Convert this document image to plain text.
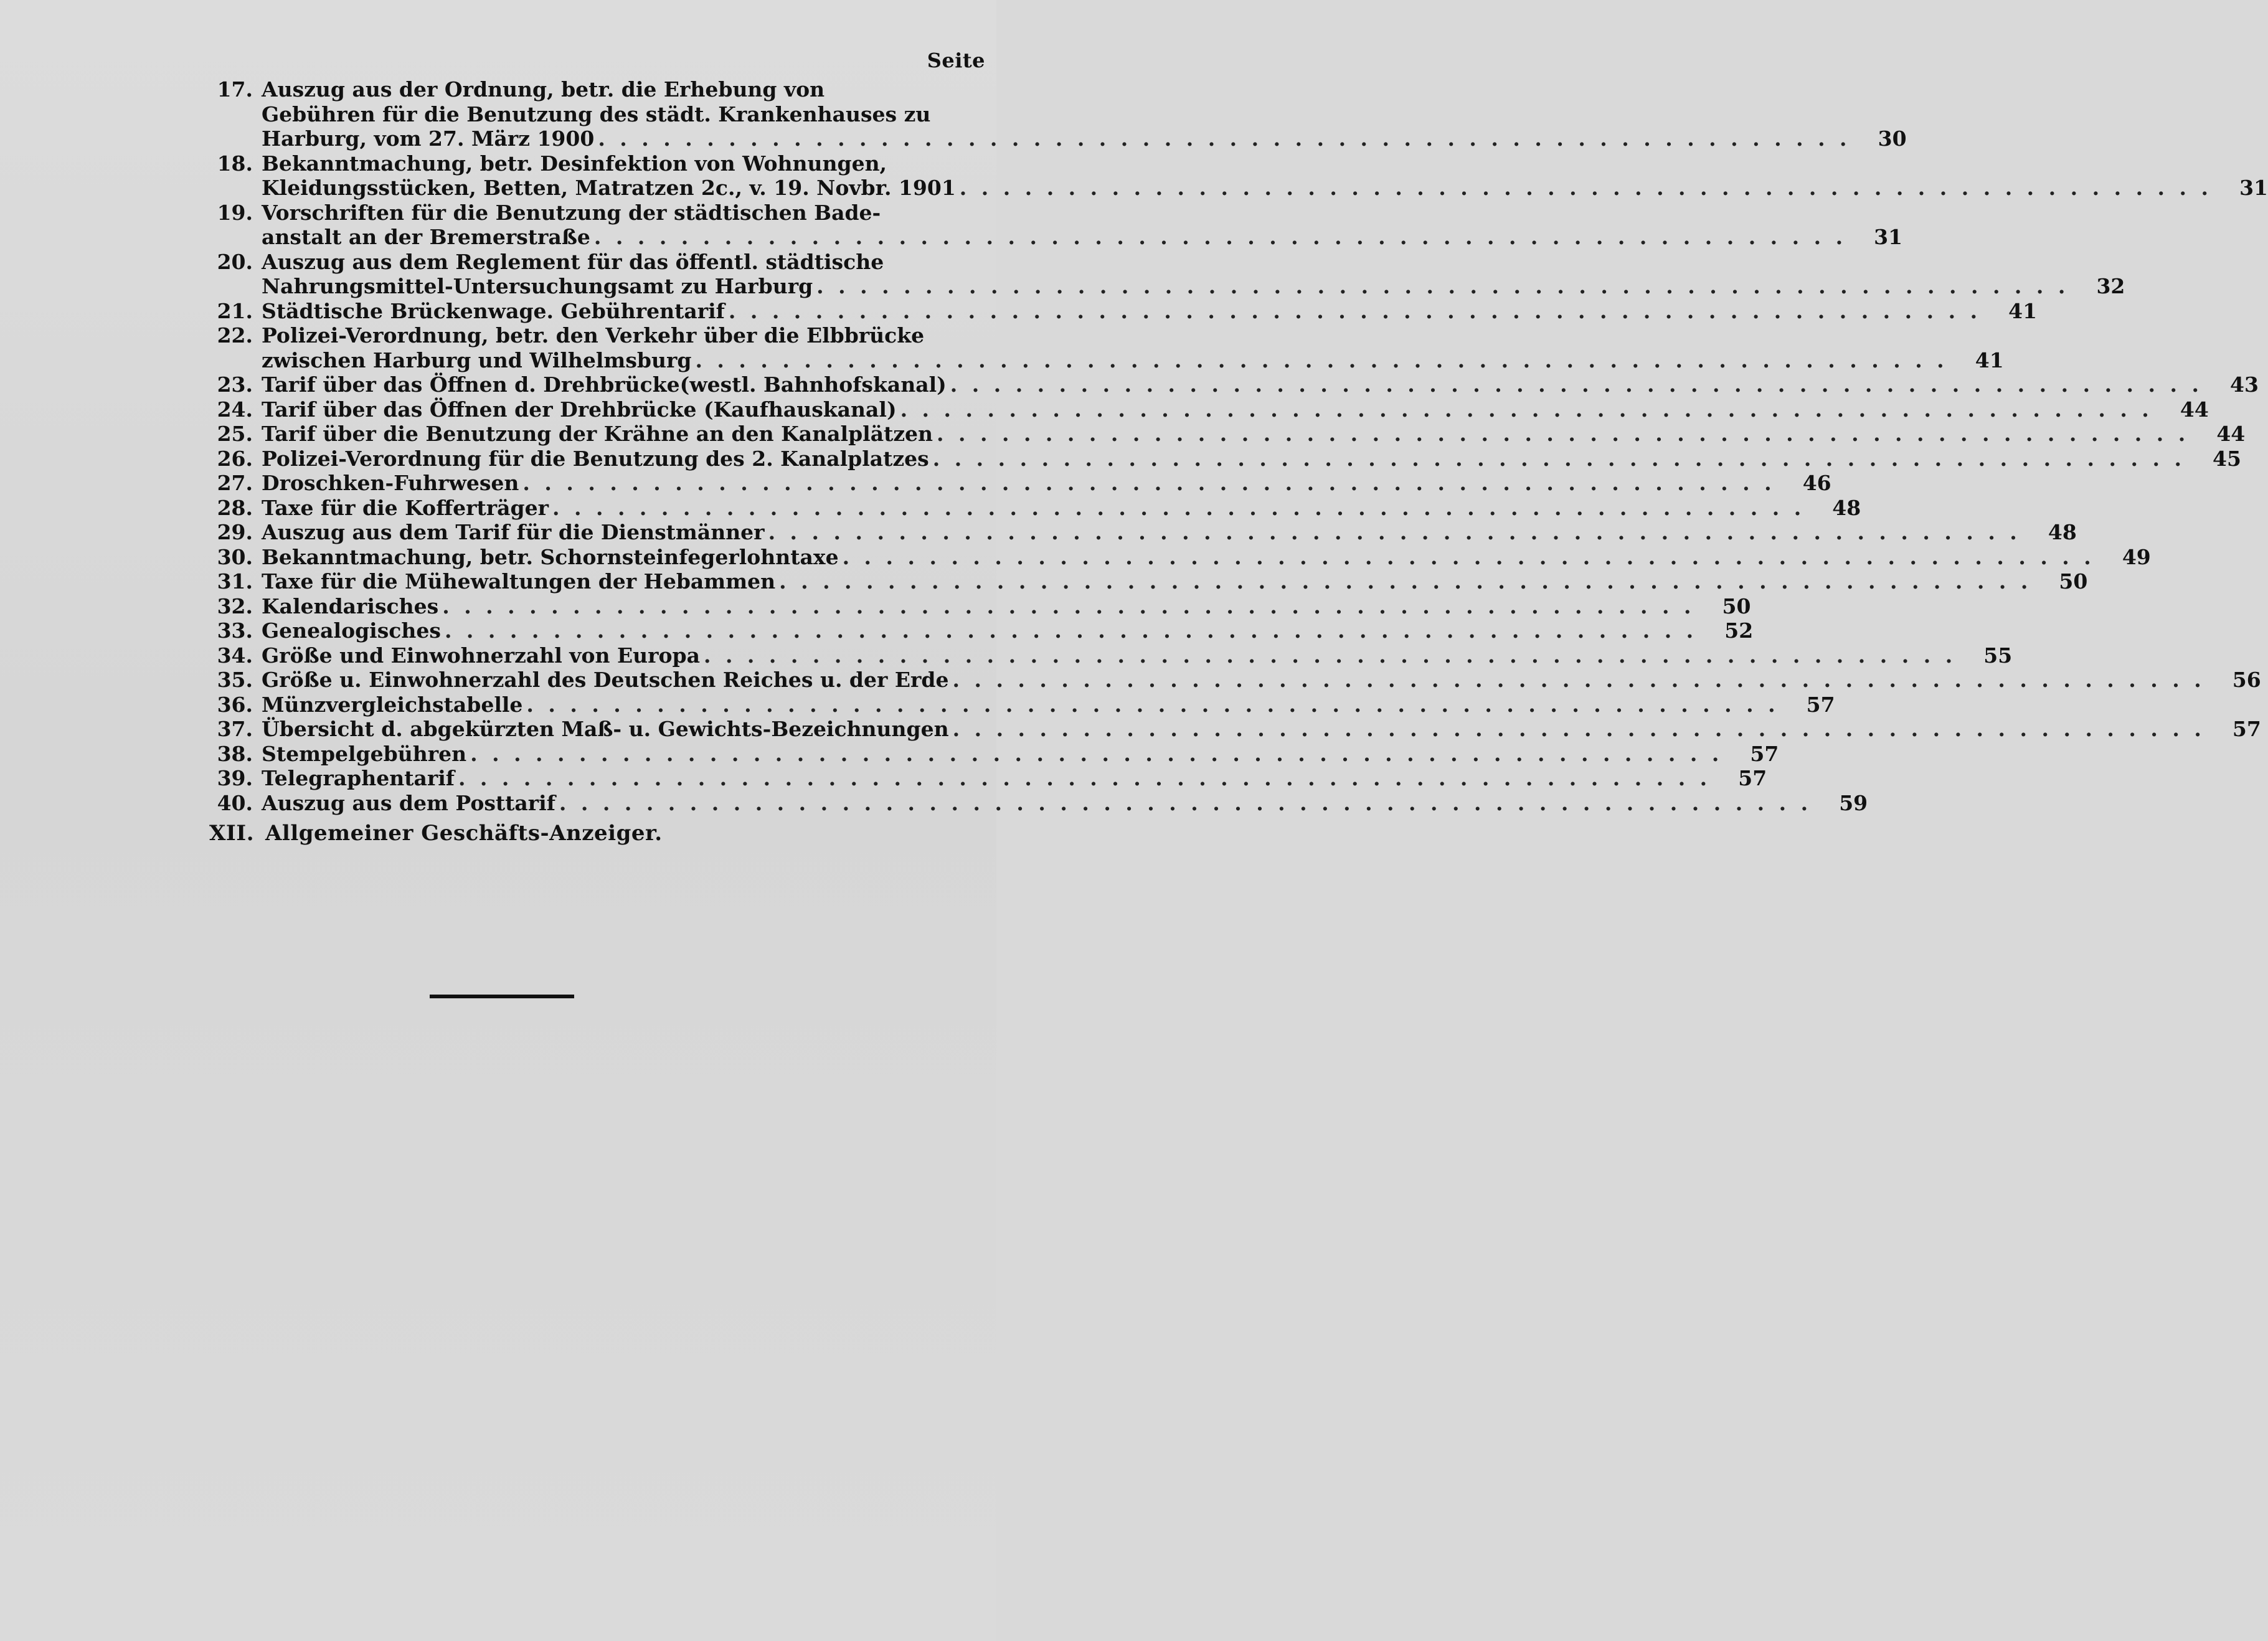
Seite
17. Auszug aus der Ordnung, betr. die Erhebung von
Gebühren für die Benutzung des städt. Krankenhauses zu
Harburg, vom 27. März 1900 . . . . . . . . . . . . . . . . . . . . . . . . . . . . . . . . . . . . . . . . . . . . . . . . . . . . . . . . . .	30
18. Bekanntmachung, betr. Desinfektion von Wohnungen,
Kleidungsstücken, Betten, Matratzen 2c., v. 19. Novbr. 1901 . . . . . . . . . . . . . . . . . . . . . . . . . . . . . . . . . . . . . . . . . . . . . . . . . . . . . . . . . .	31
19. Vorschriften für die Benutzung der städtischen Bade-
anstalt an der Bremerstraße . . . . . . . . . . . . . . . . . . . . . . . . . . . . . . . . . . . . . . . . . . . . . . . . . . . . . . . . . .	31
20. Auszug aus dem Reglement für das öffentl. städtische
Nahrungsmittel-Untersuchungsamt zu Harburg . . . . . . . . . . . . . . . . . . . . . . . . . . . . . . . . . . . . . . . . . . . . . . . . . . . . . . . . . .	32
21. Städtische Brückenwage. Gebührentarif . . . . . . . . . . . . . . . . . . . . . . . . . . . . . . . . . . . . . . . . . . . . . . . . . . . . . . . . . .	41
22. Polizei-Verordnung, betr. den Verkehr über die Elbbrücke
zwischen Harburg und Wilhelmsburg . . . . . . . . . . . . . . . . . . . . . . . . . . . . . . . . . . . . . . . . . . . . . . . . . . . . . . . . . .	41
23. Tarif über das Öffnen d. Drehbrücke(westl. Bahnhofskanal) . . . . . . . . . . . . . . . . . . . . . . . . . . . . . . . . . . . . . . . . . . . . . . . . . . . . . . . . . .	43
24. Tarif über das Öffnen der Drehbrücke (Kaufhauskanal) . . . . . . . . . . . . . . . . . . . . . . . . . . . . . . . . . . . . . . . . . . . . . . . . . . . . . . . . . .	44
25. Tarif über die Benutzung der Krähne an den Kanalplätzen . . . . . . . . . . . . . . . . . . . . . . . . . . . . . . . . . . . . . . . . . . . . . . . . . . . . . . . . . .	44
26. Polizei-Verordnung für die Benutzung des 2. Kanalplatzes . . . . . . . . . . . . . . . . . . . . . . . . . . . . . . . . . . . . . . . . . . . . . . . . . . . . . . . . . .	45
27. Droschken-Fuhrwesen . . . . . . . . . . . . . . . . . . . . . . . . . . . . . . . . . . . . . . . . . . . . . . . . . . . . . . . . . .	46
28. Taxe für die Kofferträger . . . . . . . . . . . . . . . . . . . . . . . . . . . . . . . . . . . . . . . . . . . . . . . . . . . . . . . . . .	48
29. Auszug aus dem Tarif für die Dienstmänner . . . . . . . . . . . . . . . . . . . . . . . . . . . . . . . . . . . . . . . . . . . . . . . . . . . . . . . . . .	48
30. Bekanntmachung, betr. Schornsteinfegerlohntaxe . . . . . . . . . . . . . . . . . . . . . . . . . . . . . . . . . . . . . . . . . . . . . . . . . . . . . . . . . .	49
31. Taxe für die Mühewaltungen der Hebammen . . . . . . . . . . . . . . . . . . . . . . . . . . . . . . . . . . . . . . . . . . . . . . . . . . . . . . . . . .	50
32. Kalendarisches . . . . . . . . . . . . . . . . . . . . . . . . . . . . . . . . . . . . . . . . . . . . . . . . . . . . . . . . . .	50
33. Genealogisches . . . . . . . . . . . . . . . . . . . . . . . . . . . . . . . . . . . . . . . . . . . . . . . . . . . . . . . . . .	52
34. Größe und Einwohnerzahl von Europa . . . . . . . . . . . . . . . . . . . . . . . . . . . . . . . . . . . . . . . . . . . . . . . . . . . . . . . . . .	55
35. Größe u. Einwohnerzahl des Deutschen Reiches u. der Erde . . . . . . . . . . . . . . . . . . . . . . . . . . . . . . . . . . . . . . . . . . . . . . . . . . . . . . . . . .	56
36. Münzvergleichstabelle . . . . . . . . . . . . . . . . . . . . . . . . . . . . . . . . . . . . . . . . . . . . . . . . . . . . . . . . . .	57
37. Übersicht d. abgekürzten Maß- u. Gewichts-Bezeichnungen . . . . . . . . . . . . . . . . . . . . . . . . . . . . . . . . . . . . . . . . . . . . . . . . . . . . . . . . . .	57
38. Stempelgebühren . . . . . . . . . . . . . . . . . . . . . . . . . . . . . . . . . . . . . . . . . . . . . . . . . . . . . . . . . .	57
39. Telegraphentarif . . . . . . . . . . . . . . . . . . . . . . . . . . . . . . . . . . . . . . . . . . . . . . . . . . . . . . . . . .	57
40. Auszug aus dem Posttarif . . . . . . . . . . . . . . . . . . . . . . . . . . . . . . . . . . . . . . . . . . . . . . . . . . . . . . . . . .	59
XII. Allgemeiner Geschäfts-Anzeiger.
